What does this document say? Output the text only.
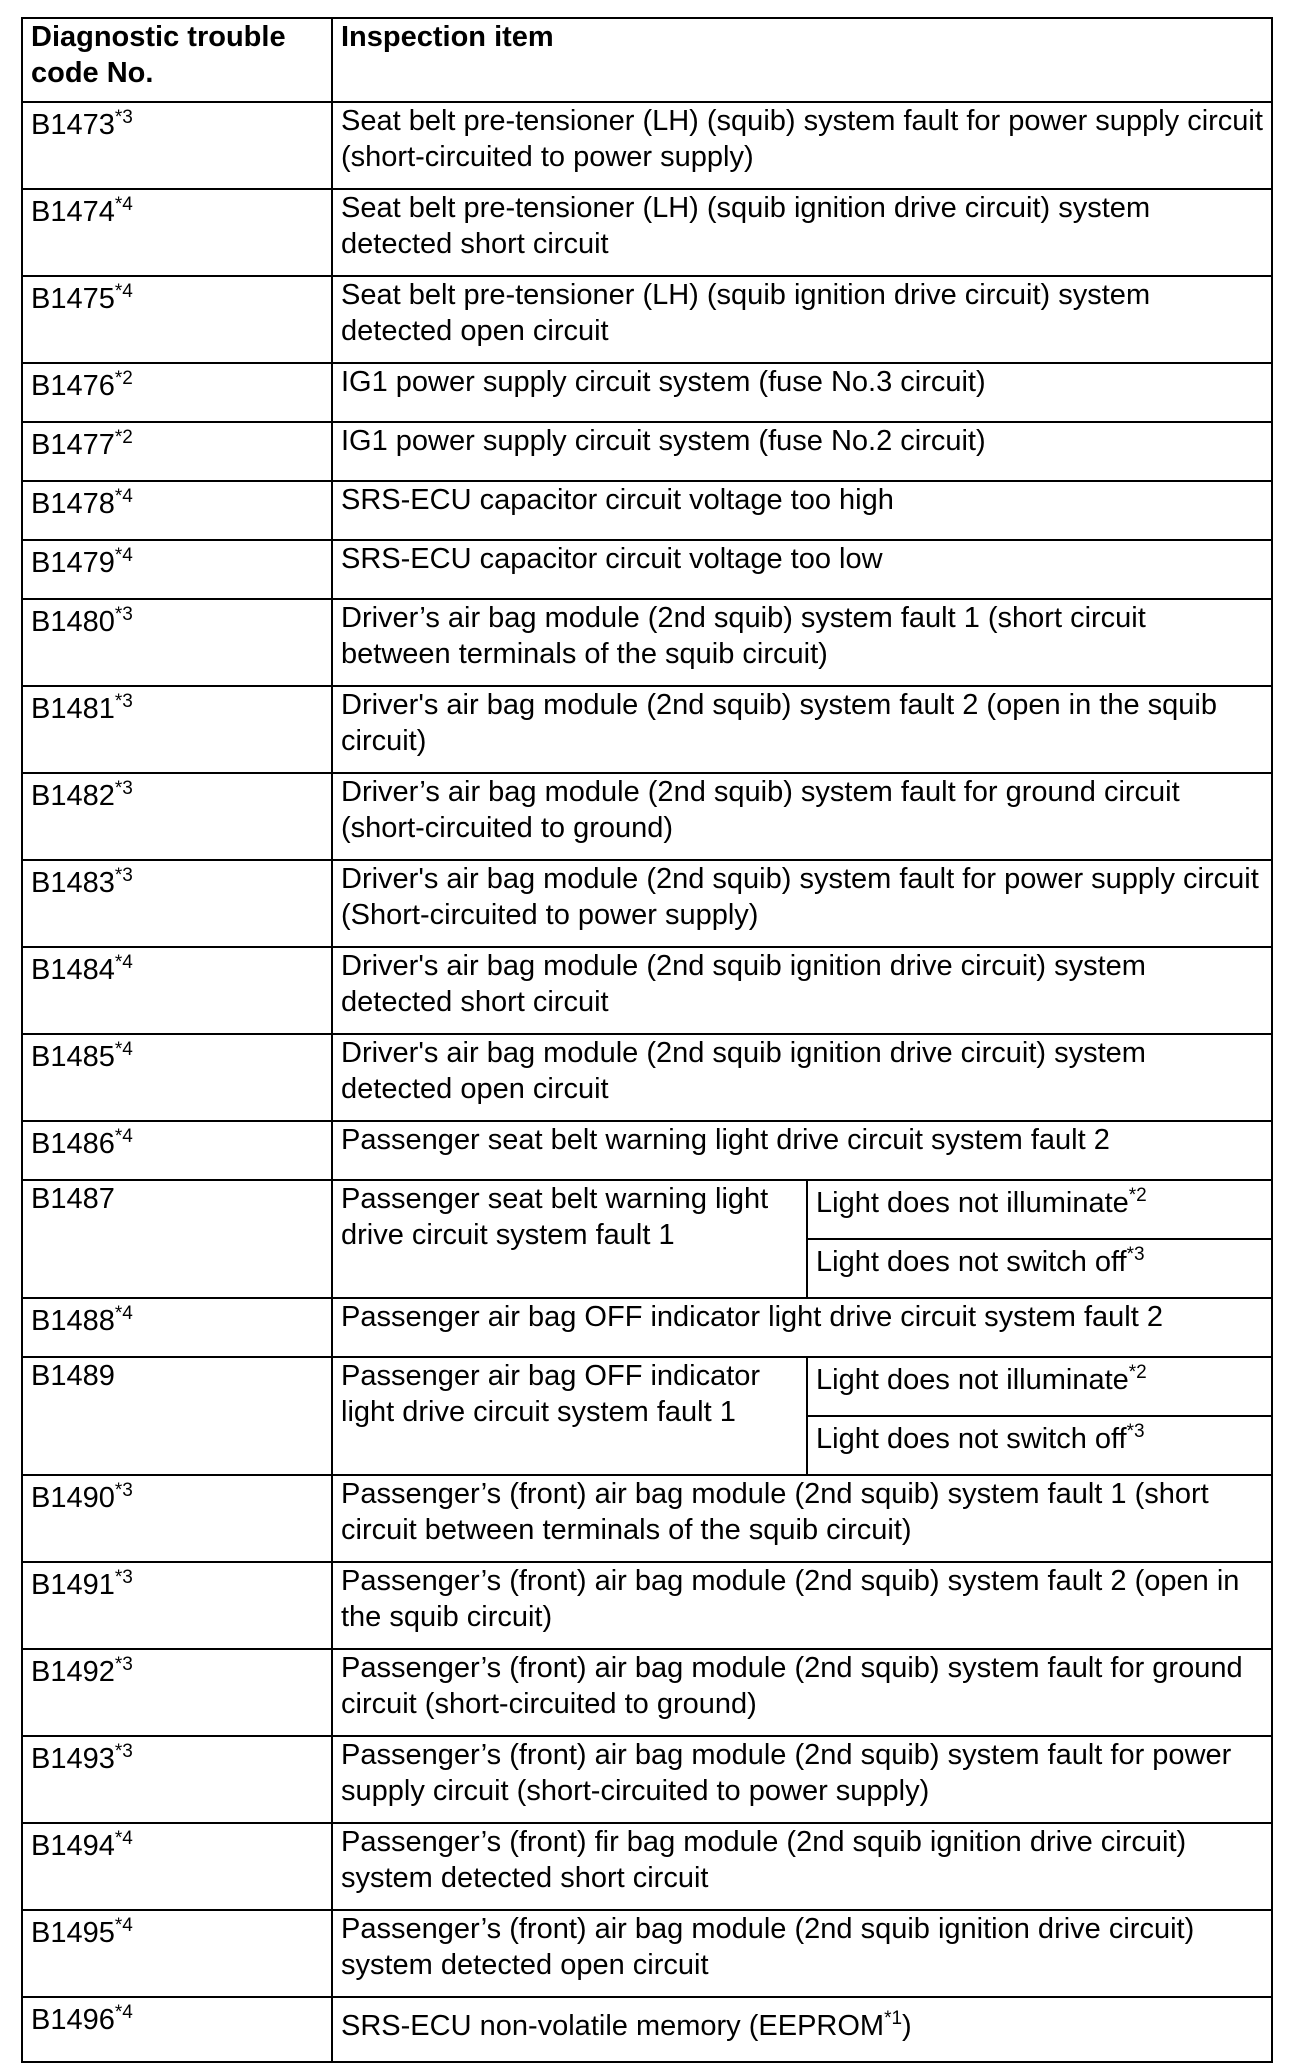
Diagnostic trouble code No.	Inspection item	
B1473$^{*3}$	Seat belt pre-tensioner (LH) (squib) system fault for power supply circuit (short-circuited to power supply)	
B1474$^{*4}$	Seat belt pre-tensioner (LH) (squib ignition drive circuit) system detected short circuit	
B1475$^{*4}$	Seat belt pre-tensioner (LH) (squib ignition drive circuit) system detected open circuit	
B1476$^{*2}$	IG1 power supply circuit system (fuse No.3 circuit)	
B1477$^{*2}$	IG1 power supply circuit system (fuse No.2 circuit)	
B1478$^{*4}$	SRS-ECU capacitor circuit voltage too high	
B1479$^{*4}$	SRS-ECU capacitor circuit voltage too low	
B1480$^{*3}$	Driver’s air bag module (2nd squib) system fault 1 (short circuit between terminals of the squib circuit)	
B1481$^{*3}$	Driver's air bag module (2nd squib) system fault 2 (open in the squib circuit)	
B1482$^{*3}$	Driver’s air bag module (2nd squib) system fault for ground circuit (short-circuited to ground)	
B1483$^{*3}$	Driver's air bag module (2nd squib) system fault for power supply circuit (Short-circuited to power supply)	
B1484$^{*4}$	Driver's air bag module (2nd squib ignition drive circuit) system detected short circuit	
B1485$^{*4}$	Driver's air bag module (2nd squib ignition drive circuit) system detected open circuit	
B1486$^{*4}$	Passenger seat belt warning light drive circuit system fault 2	
B1487	Passenger seat belt warning light drive circuit system fault 1	Light does not illuminate$^{*2}$
		Light does not switch off$^{*3}$
B1488$^{*4}$	Passenger air bag OFF indicator light drive circuit system fault 2	
B1489	Passenger air bag OFF indicator light drive circuit system fault 1	Light does not illuminate$^{*2}$
		Light does not switch off$^{*3}$
B1490$^{*3}$	Passenger’s (front) air bag module (2nd squib) system fault 1 (short circuit between terminals of the squib circuit)	
B1491$^{*3}$	Passenger’s (front) air bag module (2nd squib) system fault 2 (open in the squib circuit)	
B1492$^{*3}$	Passenger’s (front) air bag module (2nd squib) system fault for ground circuit (short-circuited to ground)	
B1493$^{*3}$	Passenger’s (front) air bag module (2nd squib) system fault for power supply circuit (short-circuited to power supply)	
B1494$^{*4}$	Passenger’s (front) fir bag module (2nd squib ignition drive circuit) system detected short circuit	
B1495$^{*4}$	Passenger’s (front) air bag module (2nd squib ignition drive circuit) system detected open circuit	
B1496$^{*4}$	SRS-ECU non-volatile memory (EEPROM$^{*1}$)	
